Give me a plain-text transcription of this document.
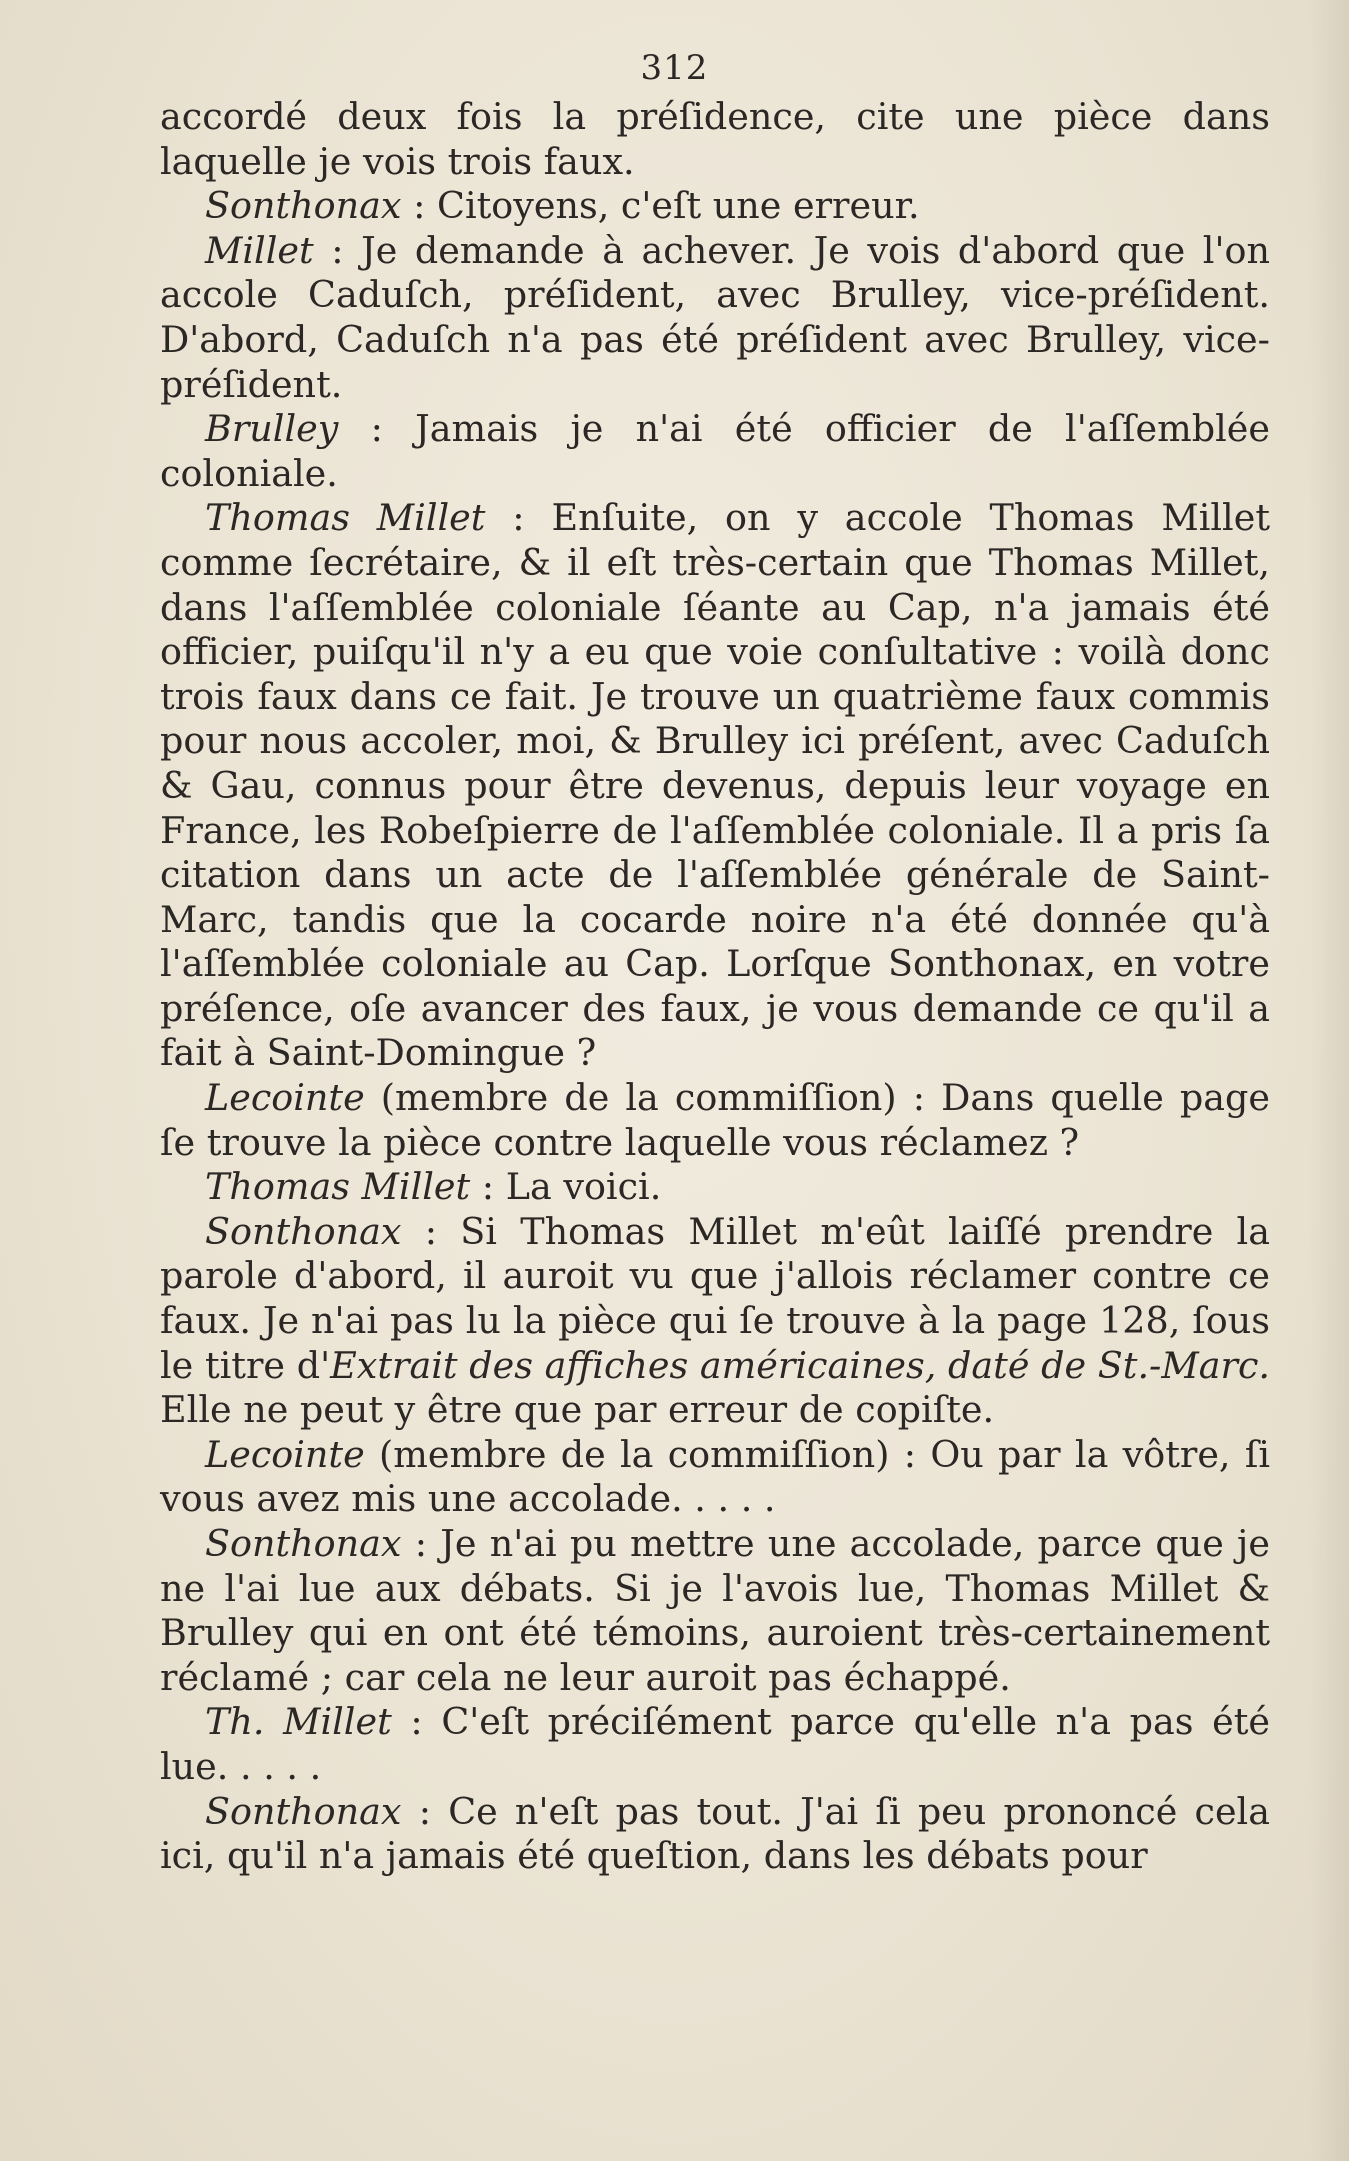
312

accordé deux fois la préſidence, cite une pièce dans laquelle je vois trois faux.

Sonthonax : Citoyens, c'eſt une erreur.

Millet : Je demande à achever. Je vois d'abord que l'on accole Caduſch, préſident, avec Brulley, vice-préſident. D'abord, Caduſch n'a pas été préſident avec Brulley, vice-préſident.

Brulley : Jamais je n'ai été officier de l'aſſemblée coloniale.

Thomas Millet : Enſuite, on y accole Thomas Millet comme ſecrétaire, & il eſt très-certain que Thomas Millet, dans l'aſſemblée coloniale ſéante au Cap, n'a jamais été officier, puiſqu'il n'y a eu que voie conſultative : voilà donc trois faux dans ce fait. Je trouve un quatrième faux commis pour nous accoler, moi, & Brulley ici préſent, avec Caduſch & Gau, connus pour être devenus, depuis leur voyage en France, les Robeſpierre de l'aſſemblée coloniale. Il a pris ſa citation dans un acte de l'aſſemblée générale de Saint-Marc, tandis que la cocarde noire n'a été donnée qu'à l'aſſemblée coloniale au Cap. Lorſque Sonthonax, en votre préſence, oſe avancer des faux, je vous demande ce qu'il a fait à Saint-Domingue ?

Lecointe (membre de la commiſſion) : Dans quelle page ſe trouve la pièce contre laquelle vous réclamez ?

Thomas Millet : La voici.

Sonthonax : Si Thomas Millet m'eût laiſſé prendre la parole d'abord, il auroit vu que j'allois réclamer contre ce faux. Je n'ai pas lu la pièce qui ſe trouve à la page 128, ſous le titre d'Extrait des affiches américaines, daté de St.-Marc. Elle ne peut y être que par erreur de copiſte.

Lecointe (membre de la commiſſion) : Ou par la vôtre, ſi vous avez mis une accolade. . . . .

Sonthonax : Je n'ai pu mettre une accolade, parce que je ne l'ai lue aux débats. Si je l'avois lue, Thomas Millet & Brulley qui en ont été témoins, auroient très-certainement réclamé ; car cela ne leur auroit pas échappé.

Th. Millet : C'eſt préciſément parce qu'elle n'a pas été lue. . . . .

Sonthonax : Ce n'eſt pas tout. J'ai ſi peu prononcé cela ici, qu'il n'a jamais été queſtion, dans les débats pour
